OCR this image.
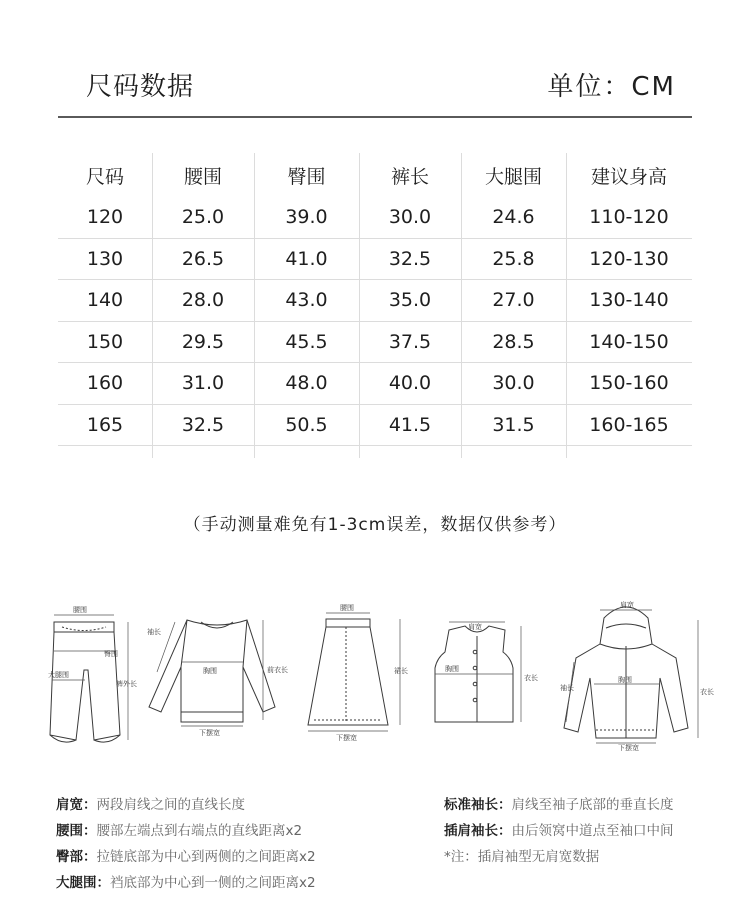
尺码数据	单位：CM
尺码	腰围	臀围	裤长	大腿围	建议身高
120	25.0	39.0	30.0	24.6	110-120
130	26.5	41.0	32.5	25.8	120-130
140	28.0	43.0	35.0	27.0	130-140
150	29.5	45.5	37.5	28.5	140-150
160	31.0	48.0	40.0	30.0	150-160
165	32.5	50.5	41.5	31.5	160-165
（手动测量难免有1-3cm误差，数据仅供参考）
腰围
臀围
大腿围
裤外长
袖长
胸围	前衣长
下摆宽
腰围
裙长
下摆宽
肩宽
胸围
衣长
肩宽
袖长
胸围
衣长
下摆宽
肩宽： 两段肩线之间的直线长度
腰围： 腰部左端点到右端点的直线距离x2
臀部： 拉链底部为中心到两侧的之间距离x2
大腿围： 裆底部为中心到一侧的之间距离x2
标准袖长： 肩线至袖子底部的垂直长度
插肩袖长： 由后领窝中道点至袖口中间
*注：插肩袖型无肩宽数据
